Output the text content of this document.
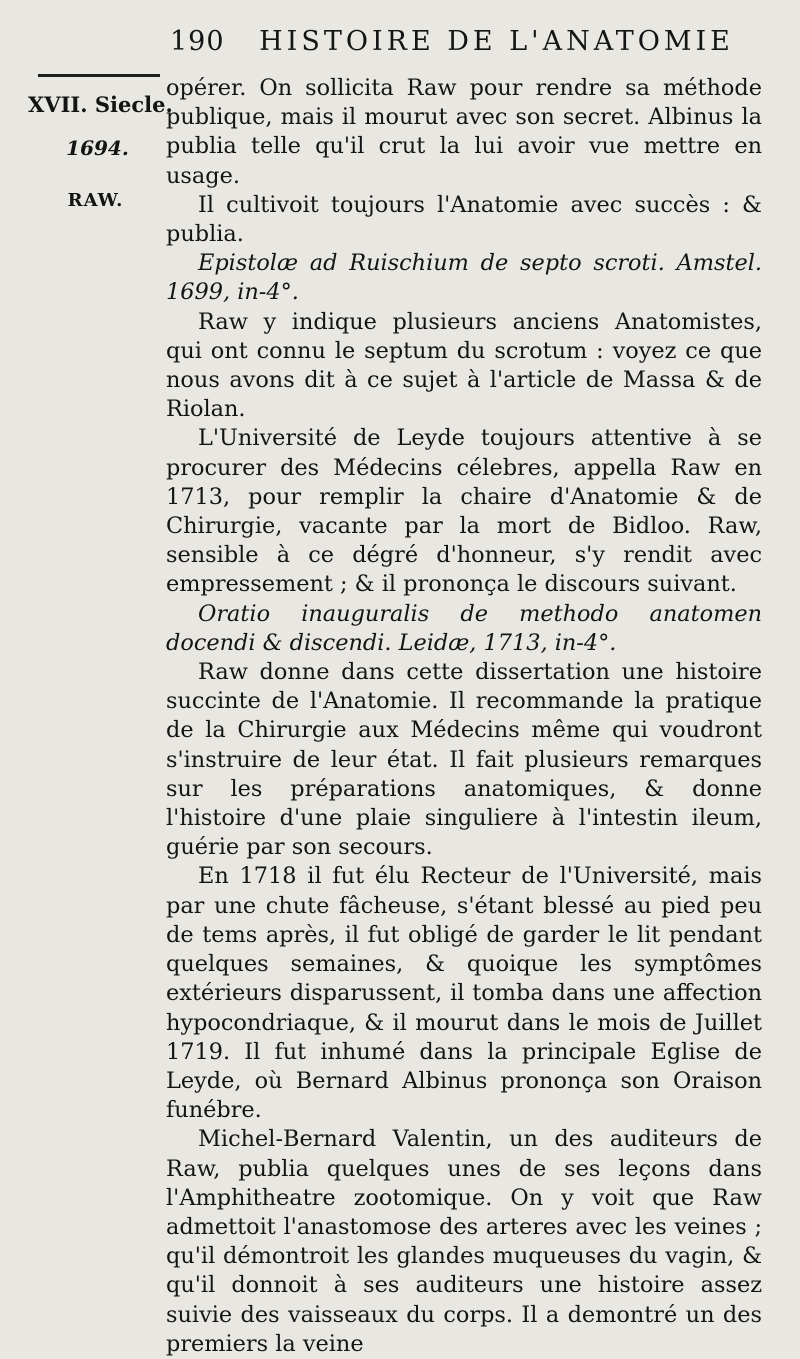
190 HISTOIRE DE L'ANATOMIE
XVII. Siecle.
1694.
RAW.

opérer. On sollicita Raw pour rendre sa méthode publique, mais il mourut avec son secret. Albinus la publia telle qu'il crut la lui avoir vue mettre en usage.

Il cultivoit toujours l'Anatomie avec succès : & publia.

Epistolæ ad Ruischium de septo scroti. Amstel. 1699, in-4°.

Raw y indique plusieurs anciens Anatomistes, qui ont connu le septum du scrotum : voyez ce que nous avons dit à ce sujet à l'article de Massa & de Riolan.

L'Université de Leyde toujours attentive à se procurer des Médecins célebres, appella Raw en 1713, pour remplir la chaire d'Anatomie & de Chirurgie, vacante par la mort de Bidloo. Raw, sensible à ce dégré d'honneur, s'y rendit avec empressement ; & il prononça le discours suivant.

Oratio inauguralis de methodo anatomen docendi & discendi. Leidæ, 1713, in-4°.

Raw donne dans cette dissertation une histoire succinte de l'Anatomie. Il recommande la pratique de la Chirurgie aux Médecins même qui voudront s'instruire de leur état. Il fait plusieurs remarques sur les préparations anatomiques, & donne l'histoire d'une plaie singuliere à l'intestin ileum, guérie par son secours.

En 1718 il fut élu Recteur de l'Université, mais par une chute fâcheuse, s'étant blessé au pied peu de tems après, il fut obligé de garder le lit pendant quelques semaines, & quoique les symptômes extérieurs disparussent, il tomba dans une affection hypocondriaque, & il mourut dans le mois de Juillet 1719. Il fut inhumé dans la principale Eglise de Leyde, où Bernard Albinus prononça son Oraison funébre.

Michel-Bernard Valentin, un des auditeurs de Raw, publia quelques unes de ses leçons dans l'Amphitheatre zootomique. On y voit que Raw admettoit l'anastomose des arteres avec les veines ; qu'il démontroit les glandes muqueuses du vagin, & qu'il donnoit à ses auditeurs une histoire assez suivie des vaisseaux du corps. Il a demontré un des premiers la veine
